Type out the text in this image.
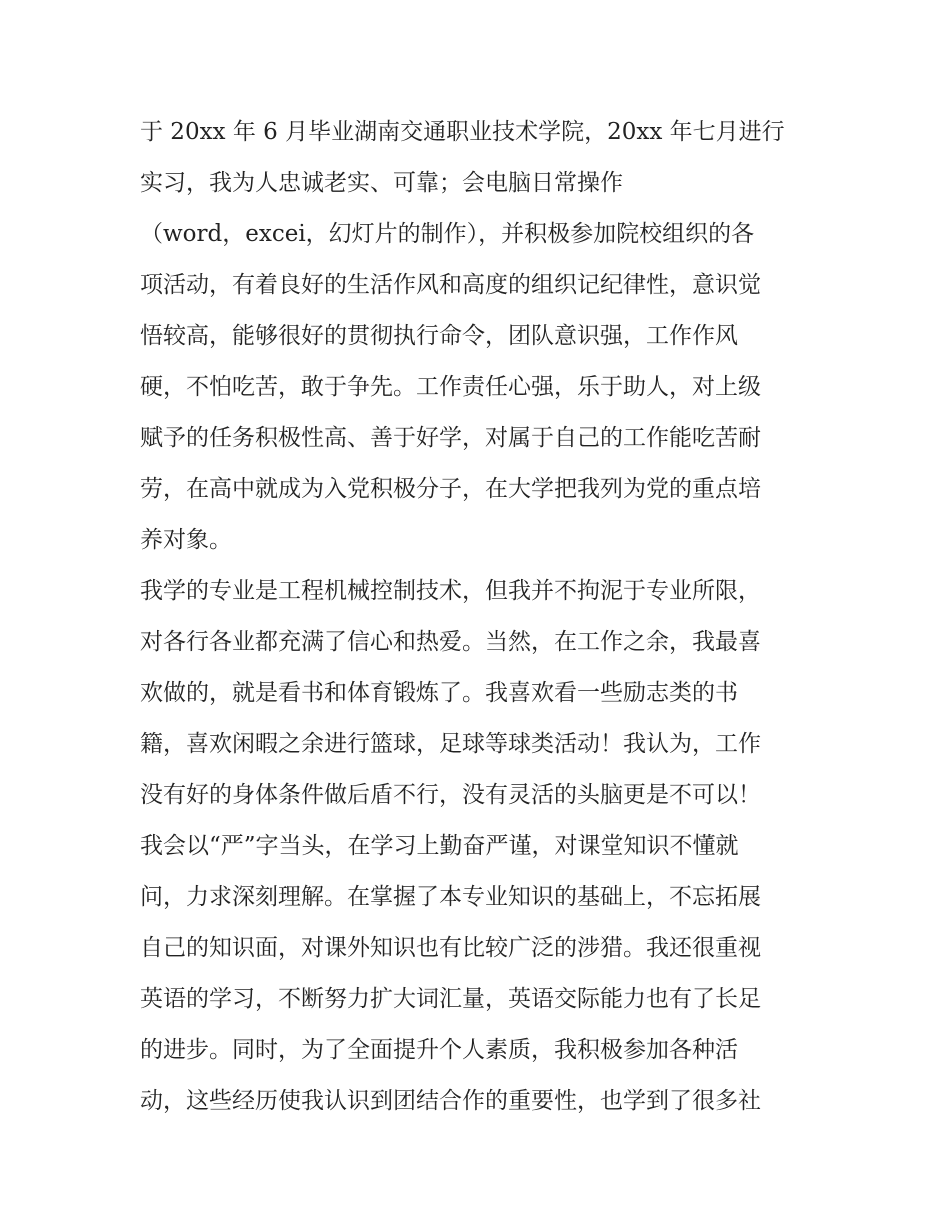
于 20xx 年 6 月毕业湖南交通职业技术学院，20xx 年七月进行
实习，我为人忠诚老实、可靠；会电脑日常操作
（word，excei，幻灯片的制作），并积极参加院校组织的各
项活动，有着良好的生活作风和高度的组织记纪律性，意识觉
悟较高，能够很好的贯彻执行命令，团队意识强，工作作风
硬，不怕吃苦，敢于争先。工作责任心强，乐于助人，对上级
赋予的任务积极性高、善于好学，对属于自己的工作能吃苦耐
劳，在高中就成为入党积极分子，在大学把我列为党的重点培
养对象。
我学的专业是工程机械控制技术，但我并不拘泥于专业所限，
对各行各业都充满了信心和热爱。当然，在工作之余，我最喜
欢做的，就是看书和体育锻炼了。我喜欢看一些励志类的书
籍，喜欢闲暇之余进行篮球，足球等球类活动！我认为，工作
没有好的身体条件做后盾不行，没有灵活的头脑更是不可以！
我会以“严”字当头，在学习上勤奋严谨，对课堂知识不懂就
问，力求深刻理解。在掌握了本专业知识的基础上，不忘拓展
自己的知识面，对课外知识也有比较广泛的涉猎。我还很重视
英语的学习，不断努力扩大词汇量，英语交际能力也有了长足
的进步。同时，为了全面提升个人素质，我积极参加各种活
动，这些经历使我认识到团结合作的重要性，也学到了很多社
